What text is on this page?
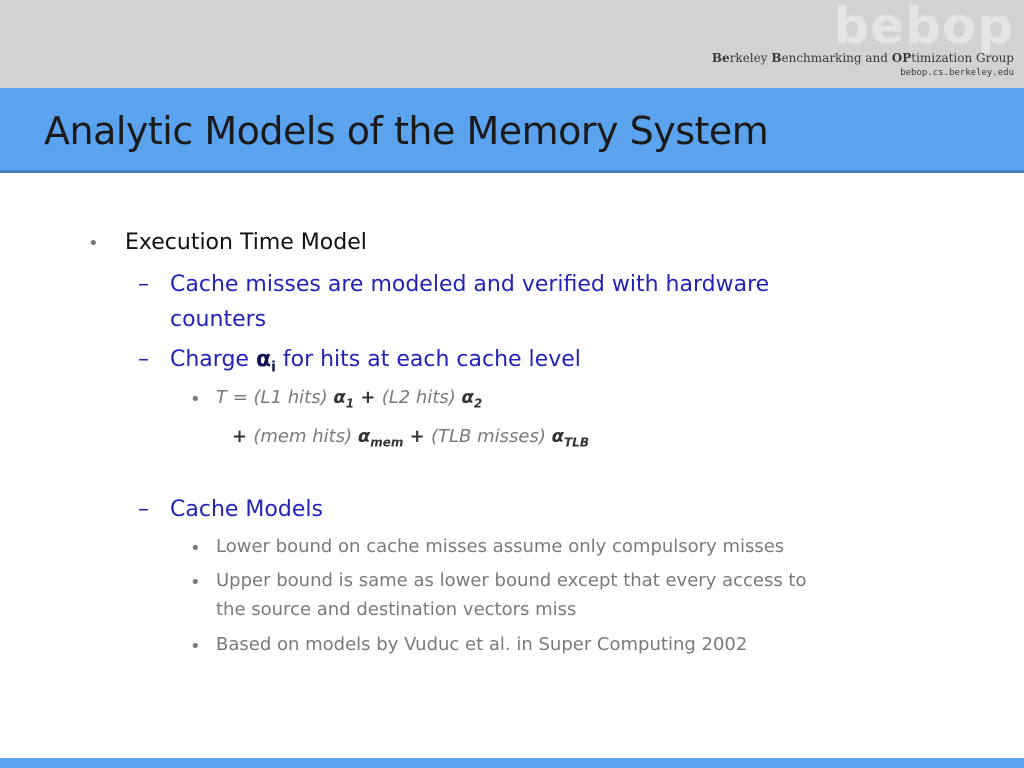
bebop
Berkeley Benchmarking and OPtimization Group
bebop.cs.berkeley.edu
Analytic Models of the Memory System
• Execution Time Model
– Cache misses are modeled and verified with hardware
counters
– Charge $\alpha_i$ for hits at each cache level
• T = (L1 hits) $\alpha_1 + (L2$ hits) $\alpha_2$
+ (mem hits) $\alpha_{mem} + (TLB$ misses) $\alpha_{TLB}$
– Cache Models
• Lower bound on cache misses assume only compulsory misses
• Upper bound is same as lower bound except that every access to
the source and destination vectors miss
• Based on models by Vuduc et al. in Super Computing 2002
